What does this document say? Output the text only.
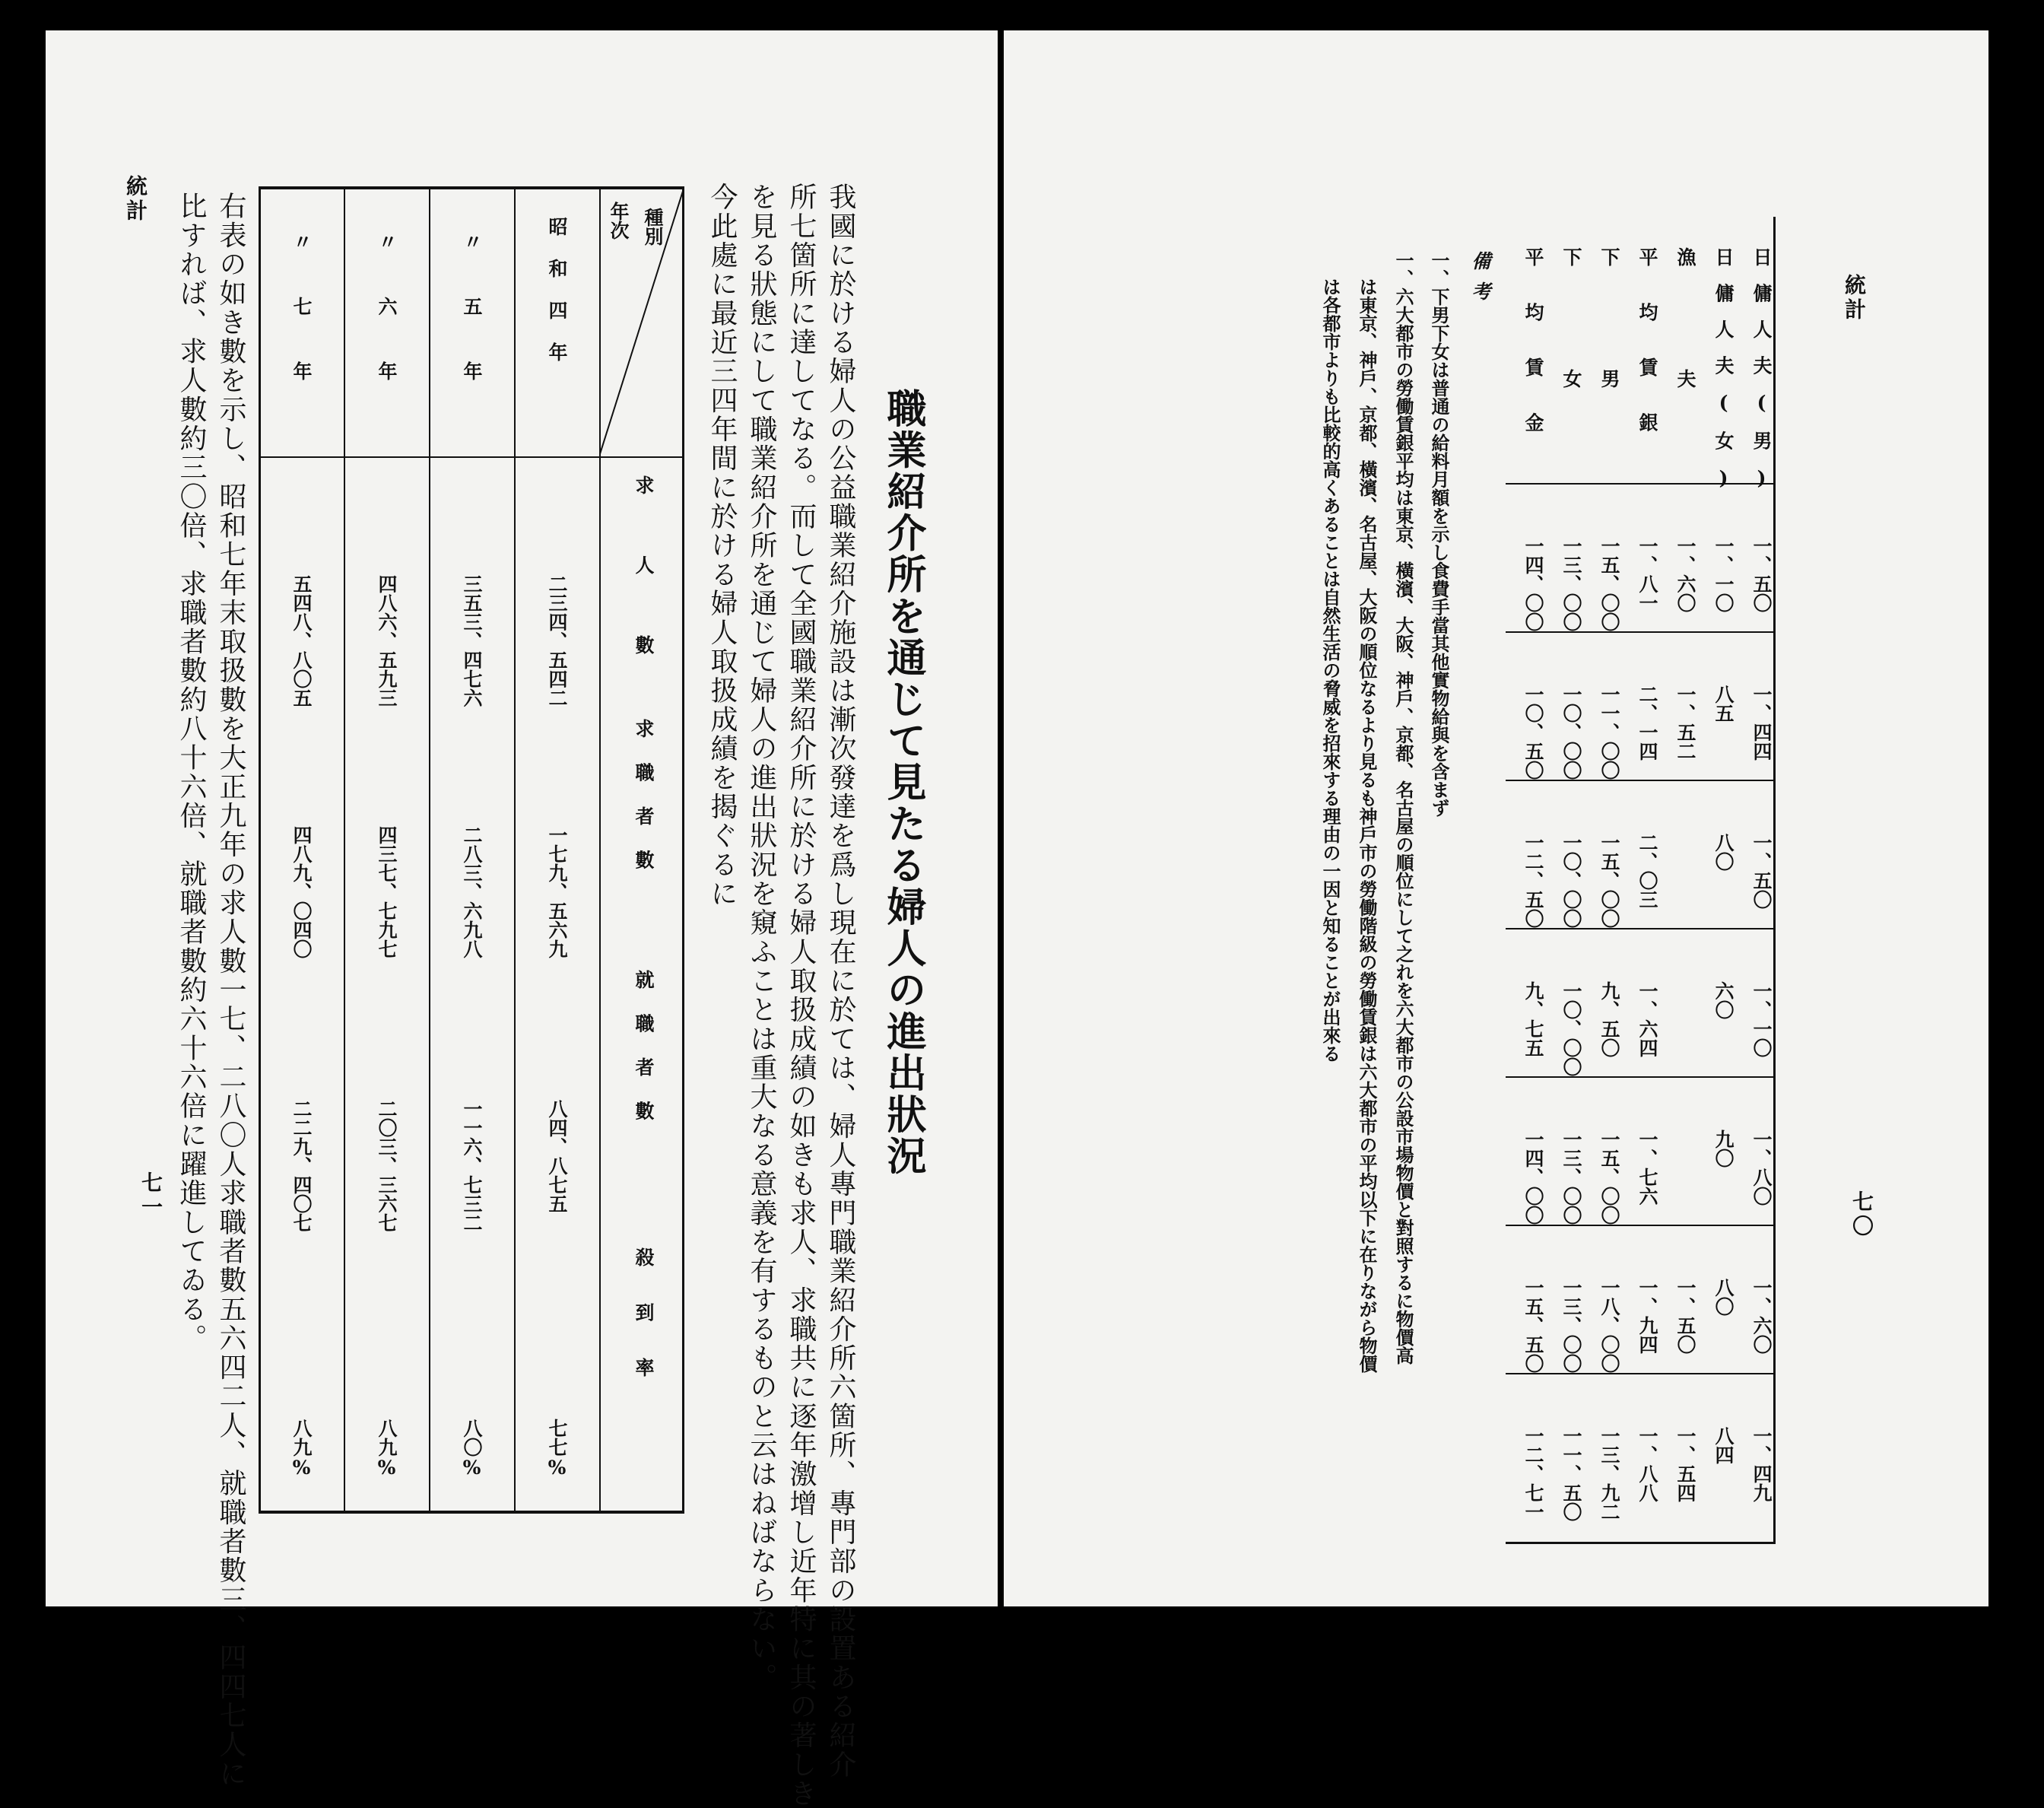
統計
七一
職業紹介所を通じて見たる婦人の進出狀況
我國に於ける婦人の公益職業紹介施設は漸次發達を爲し現在に於ては、婦人專門職業紹介所六箇所、專門部の設置ある紹介
所七箇所に達してなる。而して全國職業紹介所に於ける婦人取扱成績の如きも求人、求職共に逐年激增し近年特に其の著しき
を見る狀態にして職業紹介所を通じて婦人の進出狀況を窺ふことは重大なる意義を有するものと云はねばならない。
今此處に最近三四年間に於ける婦人取扱成績を揭ぐるに
種別
年次
求人數
求職者數
就職者數
殺到率
昭和四年
二三四、五四二
一七九、五六九
八四、八七五
七七%
〃五年
三五三、四七六
二八三、六九八
一一六、七三二
八〇%
〃六年
四八六、五九三
四三七、七九七
二〇三、三六七
八九%
〃七年
五四八、八〇五
四八九、〇四〇
二二九、四〇七
八九%
右表の如き數を示し、昭和七年末取扱數を大正九年の求人數一七、二八〇人求職者數五六四二人、就職者數三、四四七人に
比すれば、求人數約三〇倍、求職者數約八十六倍、就職者數約六十六倍に躍進してゐる。	統計
七〇
日傭人夫(男)
日傭人夫(女)
漁夫
平均賃銀
下男
下女
平均賃金
一、五〇
一、一〇
一、六〇
一、八一
一五、〇〇
一三、〇〇
一四、〇〇
一、四四
八五
一、五二
二、一四
一一、〇〇
一〇、〇〇
一〇、五〇
一、五〇
八〇
二、〇三
一五、〇〇
一〇、〇〇
一二、五〇
一、一〇
六〇
一、六四
九、五〇
一〇、〇〇
九、七五
一、八〇
九〇
一、七六
一五、〇〇
一三、〇〇
一四、〇〇
一、六〇
八〇
一、五〇
一、九四
一八、〇〇
一三、〇〇
一五、五〇
一、四九
八四
一、五四
一、八八
一三、九二
一一、五〇
一二、七一
備考
一、下男下女は普通の給料月額を示し食費手當其他實物給與を含まず
一、六大都市の勞働賃銀平均は東京、橫濱、大阪、神戶、京都、名古屋の順位にして之れを六大都市の公設市場物價と對照するに物價高
は東京、神戶、京都、橫濱、名古屋、大阪の順位なるより見るも神戶市の勞働階級の勞働賃銀は六大都市の平均以下に在りながら物價
は各都市よりも比較的高くあることは自然生活の脅威を招來する理由の一因と知ることが出來る
